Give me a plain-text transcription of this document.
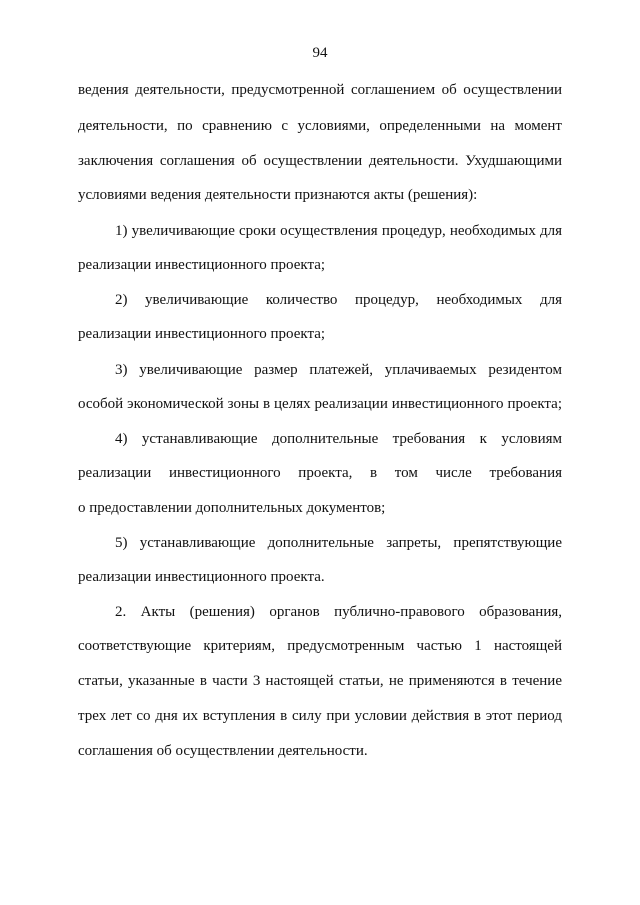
94
ведения деятельности, предусмотренной соглашением об осуществлении
деятельности, по сравнению с условиями, определенными на момент
заключения соглашения об осуществлении деятельности. Ухудшающими
условиями ведения деятельности признаются акты (решения):
1) увеличивающие сроки осуществления процедур, необходимых для
реализации инвестиционного проекта;
2) увеличивающие количество процедур, необходимых для
реализации инвестиционного проекта;
3) увеличивающие размер платежей, уплачиваемых резидентом
особой экономической зоны в целях реализации инвестиционного проекта;
4) устанавливающие дополнительные требования к условиям
реализации инвестиционного проекта, в том числе требования
о предоставлении дополнительных документов;
5) устанавливающие дополнительные запреты, препятствующие
реализации инвестиционного проекта.
2. Акты (решения) органов публично-правового образования,
соответствующие критериям, предусмотренным частью 1 настоящей
статьи, указанные в части 3 настоящей статьи, не применяются в течение
трех лет со дня их вступления в силу при условии действия в этот период
соглашения об осуществлении деятельности.
